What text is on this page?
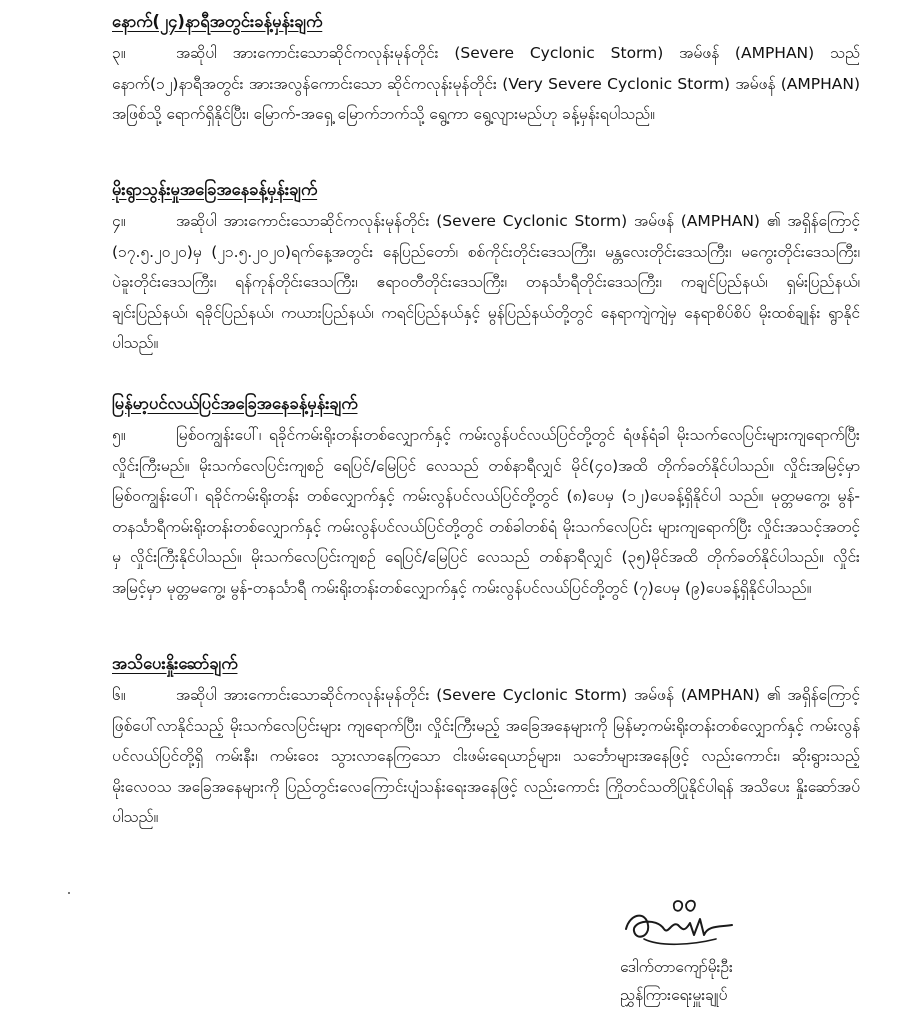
နောက်(၂၄)နာရီအတွင်းခန့်မှန်းချက်
၃။	အဆိုပါ အားကောင်းသောဆိုင်ကလုန်းမုန်တိုင်း (Severe Cyclonic Storm) အမ်ဖန် (AMPHAN) သည် နောက်(၁၂)နာရီအတွင်း အားအလွန်ကောင်းသော ဆိုင်ကလုန်းမုန်တိုင်း (Very Severe Cyclonic Storm) အမ်ဖန် (AMPHAN) အဖြစ်သို့ ရောက်ရှိနိုင်ပြီး၊ မြောက်-အရှေ့ မြောက်ဘက်သို့ ရွေ့ကာ ရွေ့လျားမည်ဟု ခန့်မှန်းရပါသည်။
မိုးရွာသွန်းမှုအခြေအနေခန့်မှန်းချက်
၄။	အဆိုပါ အားကောင်းသောဆိုင်ကလုန်းမုန်တိုင်း (Severe Cyclonic Storm) အမ်ဖန် (AMPHAN) ၏ အရှိန်ကြောင့် (၁၇.၅.၂၀၂၀)မှ (၂၁.၅.၂၀၂၀)ရက်နေ့အတွင်း နေပြည်တော်၊ စစ်ကိုင်းတိုင်းဒေသကြီး၊ မန္တလေးတိုင်းဒေသကြီး၊ မကွေးတိုင်းဒေသကြီး၊ ပဲခူးတိုင်းဒေသကြီး၊ ရန်ကုန်တိုင်းဒေသကြီး၊ ဧရာဝတီတိုင်းဒေသကြီး၊ တနင်္သာရီတိုင်းဒေသကြီး၊ ကချင်ပြည်နယ်၊ ရှမ်းပြည်နယ်၊ ချင်းပြည်နယ်၊ ရခိုင်ပြည်နယ်၊ ကယားပြည်နယ်၊ ကရင်ပြည်နယ်နှင့် မွန်ပြည်နယ်တို့တွင် နေရာကျဲကျဲမှ နေရာစိပ်စိပ် မိုးထစ်ချုန်း ရွာနိုင်ပါသည်။
မြန်မာ့ပင်လယ်ပြင်အခြေအနေခန့်မှန်းချက်
၅။	မြစ်ဝကျွန်းပေါ်၊ ရခိုင်ကမ်းရိုးတန်းတစ်လျှောက်နှင့် ကမ်းလွန်ပင်လယ်ပြင်တို့တွင် ရံဖန်ရံခါ မိုးသက်လေပြင်းများကျရောက်ပြီး လှိုင်းကြီးမည်။ မိုးသက်လေပြင်းကျစဉ် ရေပြင်/မြေပြင် လေသည် တစ်နာရီလျှင် မိုင်(၄၀)အထိ တိုက်ခတ်နိုင်ပါသည်။ လှိုင်းအမြင့်မှာ မြစ်ဝကျွန်းပေါ်၊ ရခိုင်ကမ်းရိုးတန်း တစ်လျှောက်နှင့် ကမ်းလွန်ပင်လယ်ပြင်တို့တွင် (၈)ပေမှ (၁၂)ပေခန့်ရှိနိုင်ပါ သည်။ မုတ္တမကွေ့၊ မွန်-တနင်္သာရီကမ်းရိုးတန်းတစ်လျှောက်နှင့် ကမ်းလွန်ပင်လယ်ပြင်တို့တွင် တစ်ခါတစ်ရံ မိုးသက်လေပြင်း များကျရောက်ပြီး လှိုင်းအသင့်အတင့်မှ လှိုင်းကြီးနိုင်ပါသည်။ မိုးသက်လေပြင်းကျစဉ် ရေပြင်/မြေပြင် လေသည် တစ်နာရီလျှင် (၃၅)မိုင်အထိ တိုက်ခတ်နိုင်ပါသည်။ လှိုင်းအမြင့်မှာ မုတ္တမကွေ့၊ မွန်-တနင်္သာရီ ကမ်းရိုးတန်းတစ်လျှောက်နှင့် ကမ်းလွန်ပင်လယ်ပြင်တို့တွင် (၇)ပေမှ (၉)ပေခန့်ရှိနိုင်ပါသည်။
အသိပေးနှိုးဆော်ချက်
၆။	အဆိုပါ အားကောင်းသောဆိုင်ကလုန်းမုန်တိုင်း (Severe Cyclonic Storm) အမ်ဖန် (AMPHAN) ၏ အရှိန်ကြောင့် ဖြစ်ပေါ်လာနိုင်သည့် မိုးသက်လေပြင်းများ ကျရောက်ပြီး၊ လှိုင်းကြီးမည့် အခြေအနေများကို မြန်မာ့ကမ်းရိုးတန်းတစ်လျှောက်နှင့် ကမ်းလွန်ပင်လယ်ပြင်တို့ရှိ ကမ်းနီး၊ ကမ်းဝေး သွားလာနေကြသော ငါးဖမ်းရေယာဉ်များ၊ သင်္ဘောများအနေဖြင့် လည်းကောင်း၊ ဆိုးရွားသည့် မိုးလေဝသ အခြေအနေများကို ပြည်တွင်းလေကြောင်းပျံသန်းရေးအနေဖြင့် လည်းကောင်း ကြိုတင်သတိပြုနိုင်ပါရန် အသိပေး နှိုးဆော်အပ်ပါသည်။
ဒေါက်တာကျော်မိုးဦး
ညွှန်ကြားရေးမှူးချုပ်
